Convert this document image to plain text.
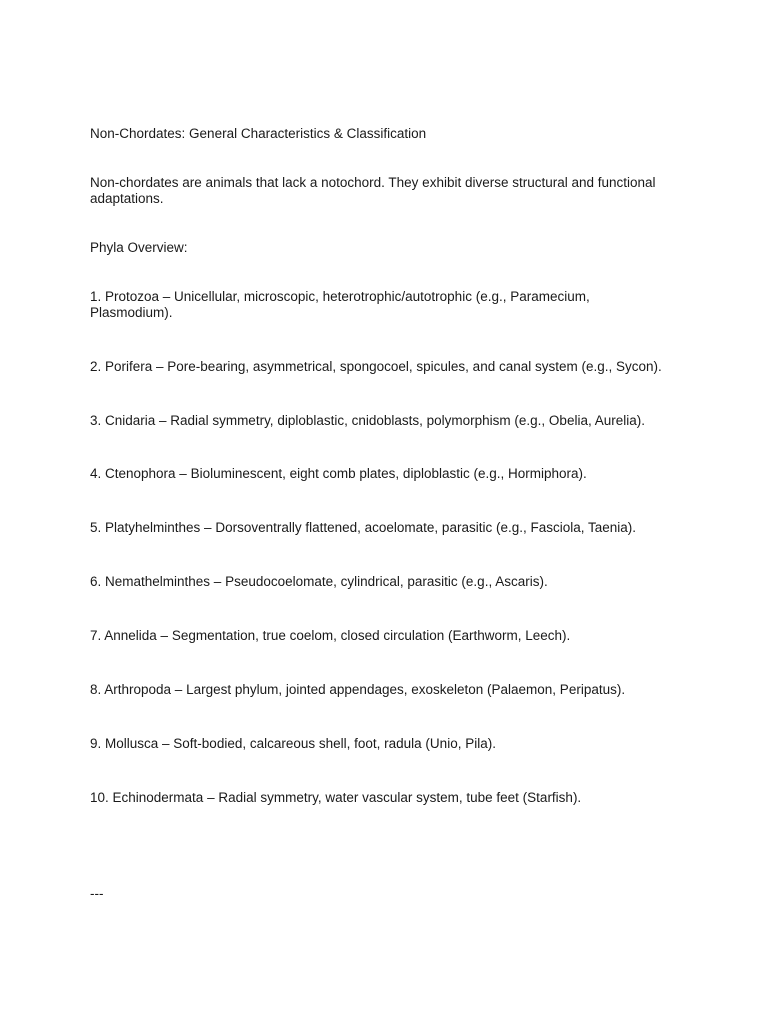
Non-Chordates: General Characteristics & Classification

Non-chordates are animals that lack a notochord. They exhibit diverse structural and functional adaptations.

Phyla Overview:

1. Protozoa – Unicellular, microscopic, heterotrophic/autotrophic (e.g., Paramecium, Plasmodium).

2. Porifera – Pore-bearing, asymmetrical, spongocoel, spicules, and canal system (e.g., Sycon).

3. Cnidaria – Radial symmetry, diploblastic, cnidoblasts, polymorphism (e.g., Obelia, Aurelia).

4. Ctenophora – Bioluminescent, eight comb plates, diploblastic (e.g., Hormiphora).

5. Platyhelminthes – Dorsoventrally flattened, acoelomate, parasitic (e.g., Fasciola, Taenia).

6. Nemathelminthes – Pseudocoelomate, cylindrical, parasitic (e.g., Ascaris).

7. Annelida – Segmentation, true coelom, closed circulation (Earthworm, Leech).

8. Arthropoda – Largest phylum, jointed appendages, exoskeleton (Palaemon, Peripatus).

9. Mollusca – Soft-bodied, calcareous shell, foot, radula (Unio, Pila).

10. Echinodermata – Radial symmetry, water vascular system, tube feet (Starfish).

---
